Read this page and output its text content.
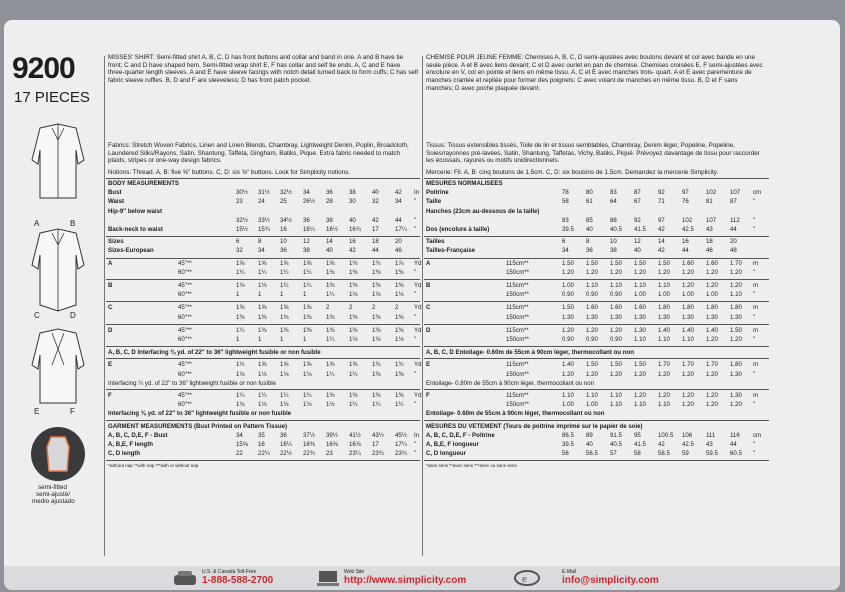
9200
17 PIECES
A	B
C	D
E	F
semi-fitted
semi-ajusté/
medio ajustado
MISSES' SHIRT: Semi-fitted shirt A, B, C, D has front buttons and collar and band in one. A and B have tie front; C and D have shaped hem. Semi-fitted wrap shirt E, F has collar and self tie ends. A, C and E have three-quarter length sleeves. A and E have sleeve facings with notch detail turned back to form cuffs; C has self fabric sleeve ruffles. B, D and F are sleeveless; D has front patch pocket.
Fabrics: Stretch Woven Fabrics, Linen and Linen Blends, Chambray, Lightweight Denim, Poplin, Broadcloth, Laundered Silks/Rayons, Satin, Shantung, Taffeta, Gingham, Batiks, Pique. Extra fabric needed to match plaids, stripes or one-way design fabrics.
Notions: Thread. A, B: five ⅝" buttons. C, D: six ⅝" buttons. Look for Simplicity notions.
BODY MEASUREMENTS
Bust	30½ 31½ 32½ 34	36	38	40	42 In
Waist	23 24 25	26½ 28	30	32	34 "
Hip-9" below waist
32½ 33½ 34½ 36	38	40	42	44 "
Back-neck to waist	15½ 15¾ 16	16¼ 16½ 16¾ 17	17¼ "
Sizes	6	8	10	12	14	16	18	20
Sizes-European	32 34 36	38	40	42	44	46
A	45"**	1⅝ 1⅝ 1⅝ 1⅝ 1⅝ 1¾ 1¾ 1⅞ Yd
60"**	1¼ 1¼ 1¼ 1¼ 1⅜ 1⅜ 1⅜ 1⅜ "
B	45"**	1⅛ 1⅛ 1¼ 1¼ 1⅜ 1⅜ 1⅜ 1⅜ Yd
60"**	1	1	1	1	1¼ 1⅛ 1⅛ 1⅛ "
C	45"**	1⅝ 1⅝ 1⅝ 1⅝ 2	2	2	2	Yd
60"**	1⅜ 1⅜ 1⅜ 1⅜ 1⅜ 1⅜ 1⅜ 1⅜ "
D	45"**	1¼ 1⅜ 1⅜ 1⅜ 1⅜ 1⅜ 1⅜ 1⅜ Yd
60"**	1	1	1	1	1¼ 1⅛ 1⅛ 1⅛ "
A, B, C, D Interfacing ⅜ yd. of 22" to 36" lightweight fusible or non fusible
E	45"**	1½ 1⅝ 1⅝ 1⅝ 1⅝ 1⅝ 1¾ 1¾ Yd
60"**	1⅛ 1⅛ 1⅛ 1⅛ 1¼ 1¼ 1⅜ 1⅜ "
Interfacing ¼ yd. of 22" to 36" lightweight fusible or non fusible
F	45"**	1¼ 1¼ 1¼ 1¼ 1⅜ 1⅜ 1⅜ 1⅜ Yd
60"**	1⅛ 1⅛ 1⅛ 1⅛ 1⅛ 1¼ 1¼ 1¼ "
Interfacing ⅜ yd. of 22" to 36" lightweight fusible or non fusible
GARMENT MEASUREMENTS (Bust Printed on Pattern Tissue)
A, B, C, D,E, F - Bust	34 35 36	37½ 39½ 41½ 43½ 45½ In
A, B,E, F length	15⅝ 16 16¼ 16⅜ 16⅝ 16⅞ 17	17¼ "
C, D length	22 22¼ 22½ 22¾ 23	23¼ 23¾ 23¾ "
*without nap **with nap ***with or without nap
CHEMISE POUR JEUNE FEMME: Chemises A, B, C, D semi-ajustées avec boutons devant et col avec bande en une seule pièce. A et B avec liens devant; C et D avec ourlet en pan de chemise. Chemises croisées E, F semi-ajustées avec encolure en V, col en pointe et liens en même tissu. A, C et E avec manches trois- quart. A et E avec parementure de manches crantée et repliée pour former des poignets; C avec volant de manches en même tissu. B, D et F sans manches; D avec poche plaquée devant.
Tissus: Tissus extensibles tissés, Toile de lin et tissus semblables, Chambray, Denim léger, Popeline, Popeline, Soies/rayonnes pré-lavées, Satin, Shantung, Taffetas, Vichy, Batiks, Piqué. Prévoyez davantage de tissu pour raccorder les écossais, rayures ou motifs unidirectionnels.
Mercerie: Fil. A, B: cinq boutons de 1.5cm. C, D: six boutons de 1.5cm. Demandez la mercerie Simplicity.
MESURES NORMALISEES
Poitrine	78	80	83	87	92	97	102 107 cm
Taille	58	61	64	67	71	76	81	87	"
Hanches (23cm au-dessous de la taille)
83	85	88	92	97	102 107 112 "
Dos (encolure à taille)	39.5 40	40.5 41.5 42	42.5 43	44	"
Tailles	6	8	10	12	14	16	18	20
Tailles-Française	34	36	38	40	42	44	46	48
A	115cm**	1.50 1.50 1.50 1.50 1.50 1.60 1.60 1.70 m
150cm**	1.20 1.20 1.20 1.20 1.20 1.20 1.20 1.20 "
B	115cm**	1.00 1.10 1.10 1.10 1.10 1.20 1.20 1.20 m
150cm**	0.90 0.90 0.90 1.00 1.00 1.00 1.00 1.10 "
C	115cm**	1.50 1.60 1.60 1.60 1.80 1.80 1.80 1.80 m
150cm**	1.30 1.30 1.30 1.30 1.30 1.30 1.30 1.30 "
D	115cm**	1.20 1.20 1.20 1.30 1.40 1.40 1.40 1.50 m
150cm**	0.90 0.90 0.90 1.10 1.10 1.10 1.20 1.20 "
A, B, C, D Entoilage- 0.60m de 55cm à 90cm léger, thermocollant ou non
E	115cm**	1.40 1.50 1.50 1.50 1.70 1.70 1.70 1.80 m
150cm**	1.20 1.20 1.20 1.20 1.20 1.20 1.20 1.30 "
Entoilage- 0.80m de 55cm à 90cm léger, thermocollant ou non
F	115cm**	1.10 1.10 1.10 1.20 1.20 1.20 1.20 1.30 m
150cm**	1.00 1.00 1.10 1.10 1.10 1.20 1.20 1.20 "
Entoilage- 0.60m de 55cm à 90cm léger, thermocollant ou non
MESURES DU VETEMENT (Tours de poitrine imprimé sur le papier de soie)
A, B, C, D,E, F - Poitrine	86.5 89	91.5 95	100.5 106 111 116 cm
A, B,E, F longueur	39.5 40	40.5 41.5 42	42.5 43	44	"
C, D longueur	56	56.5 57	58	58.5 59	59.5 60.5 "
*sans sens **avec sens ***avec ou sans sens
U.S. & Canada Toll-Free
1-888-588-2700
Web Site
http://www.simplicity.com	e
E-Mail
info@simplicity.com
